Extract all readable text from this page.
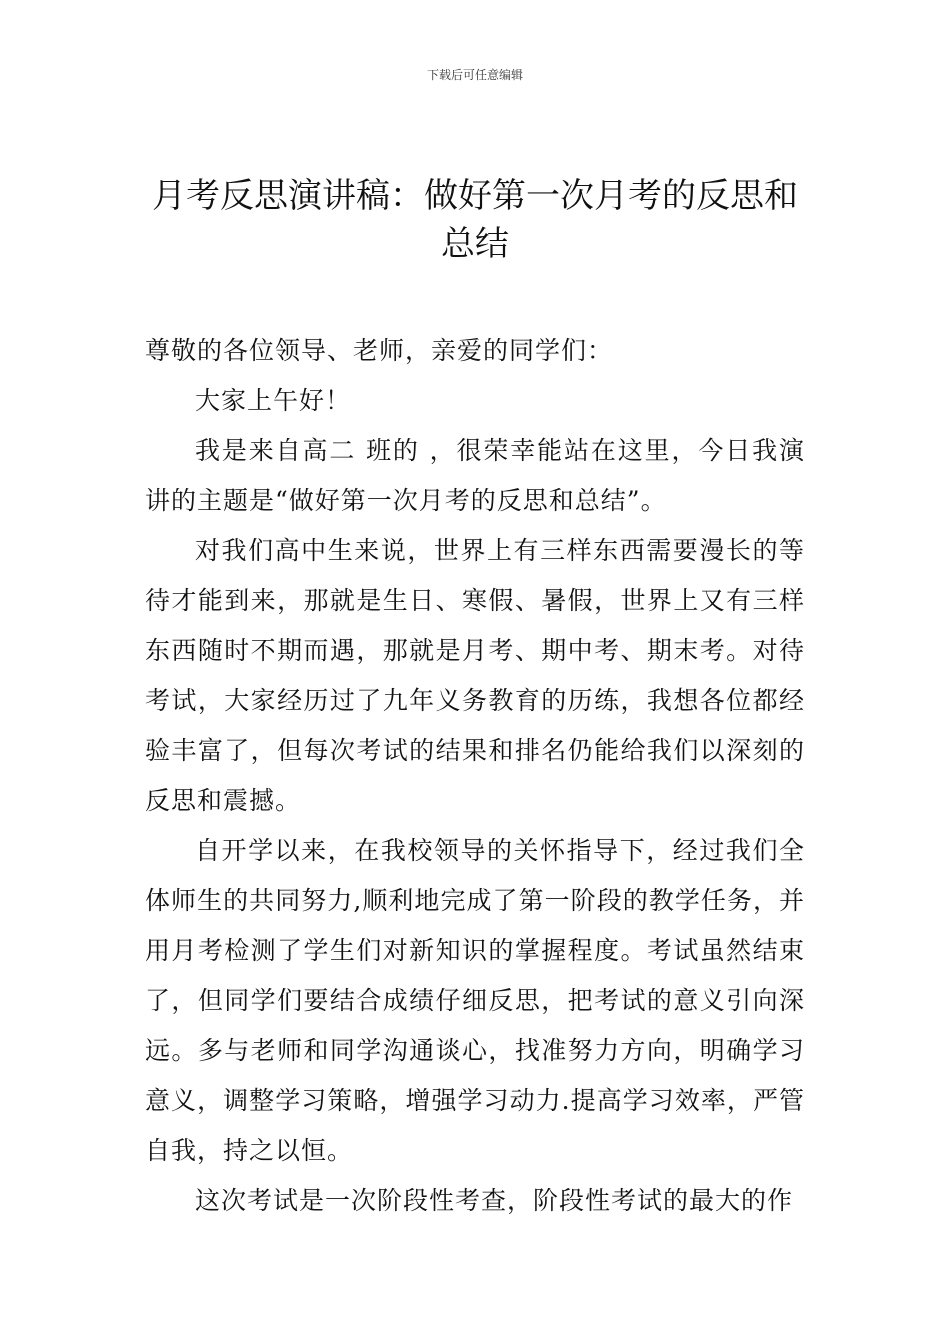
下载后可任意编辑
月考反思演讲稿：做好第一次月考的反思和总结

尊敬的各位领导、老师，亲爱的同学们：

大家上午好！

我是来自高二 班的 ，很荣幸能站在这里，今日我演讲的主题是“做好第一次月考的反思和总结”。

对我们高中生来说，世界上有三样东西需要漫长的等待才能到来，那就是生日、寒假、暑假，世界上又有三样东西随时不期而遇，那就是月考、期中考、期末考。对待考试，大家经历过了九年义务教育的历练，我想各位都经验丰富了，但每次考试的结果和排名仍能给我们以深刻的反思和震撼。

自开学以来，在我校领导的关怀指导下，经过我们全体师生的共同努力,顺利地完成了第一阶段的教学任务，并用月考检测了学生们对新知识的掌握程度。考试虽然结束了，但同学们要结合成绩仔细反思，把考试的意义引向深远。多与老师和同学沟通谈心，找准努力方向，明确学习意义，调整学习策略，增强学习动力.提高学习效率，严管自我，持之以恒。

这次考试是一次阶段性考查，阶段性考试的最大的作
